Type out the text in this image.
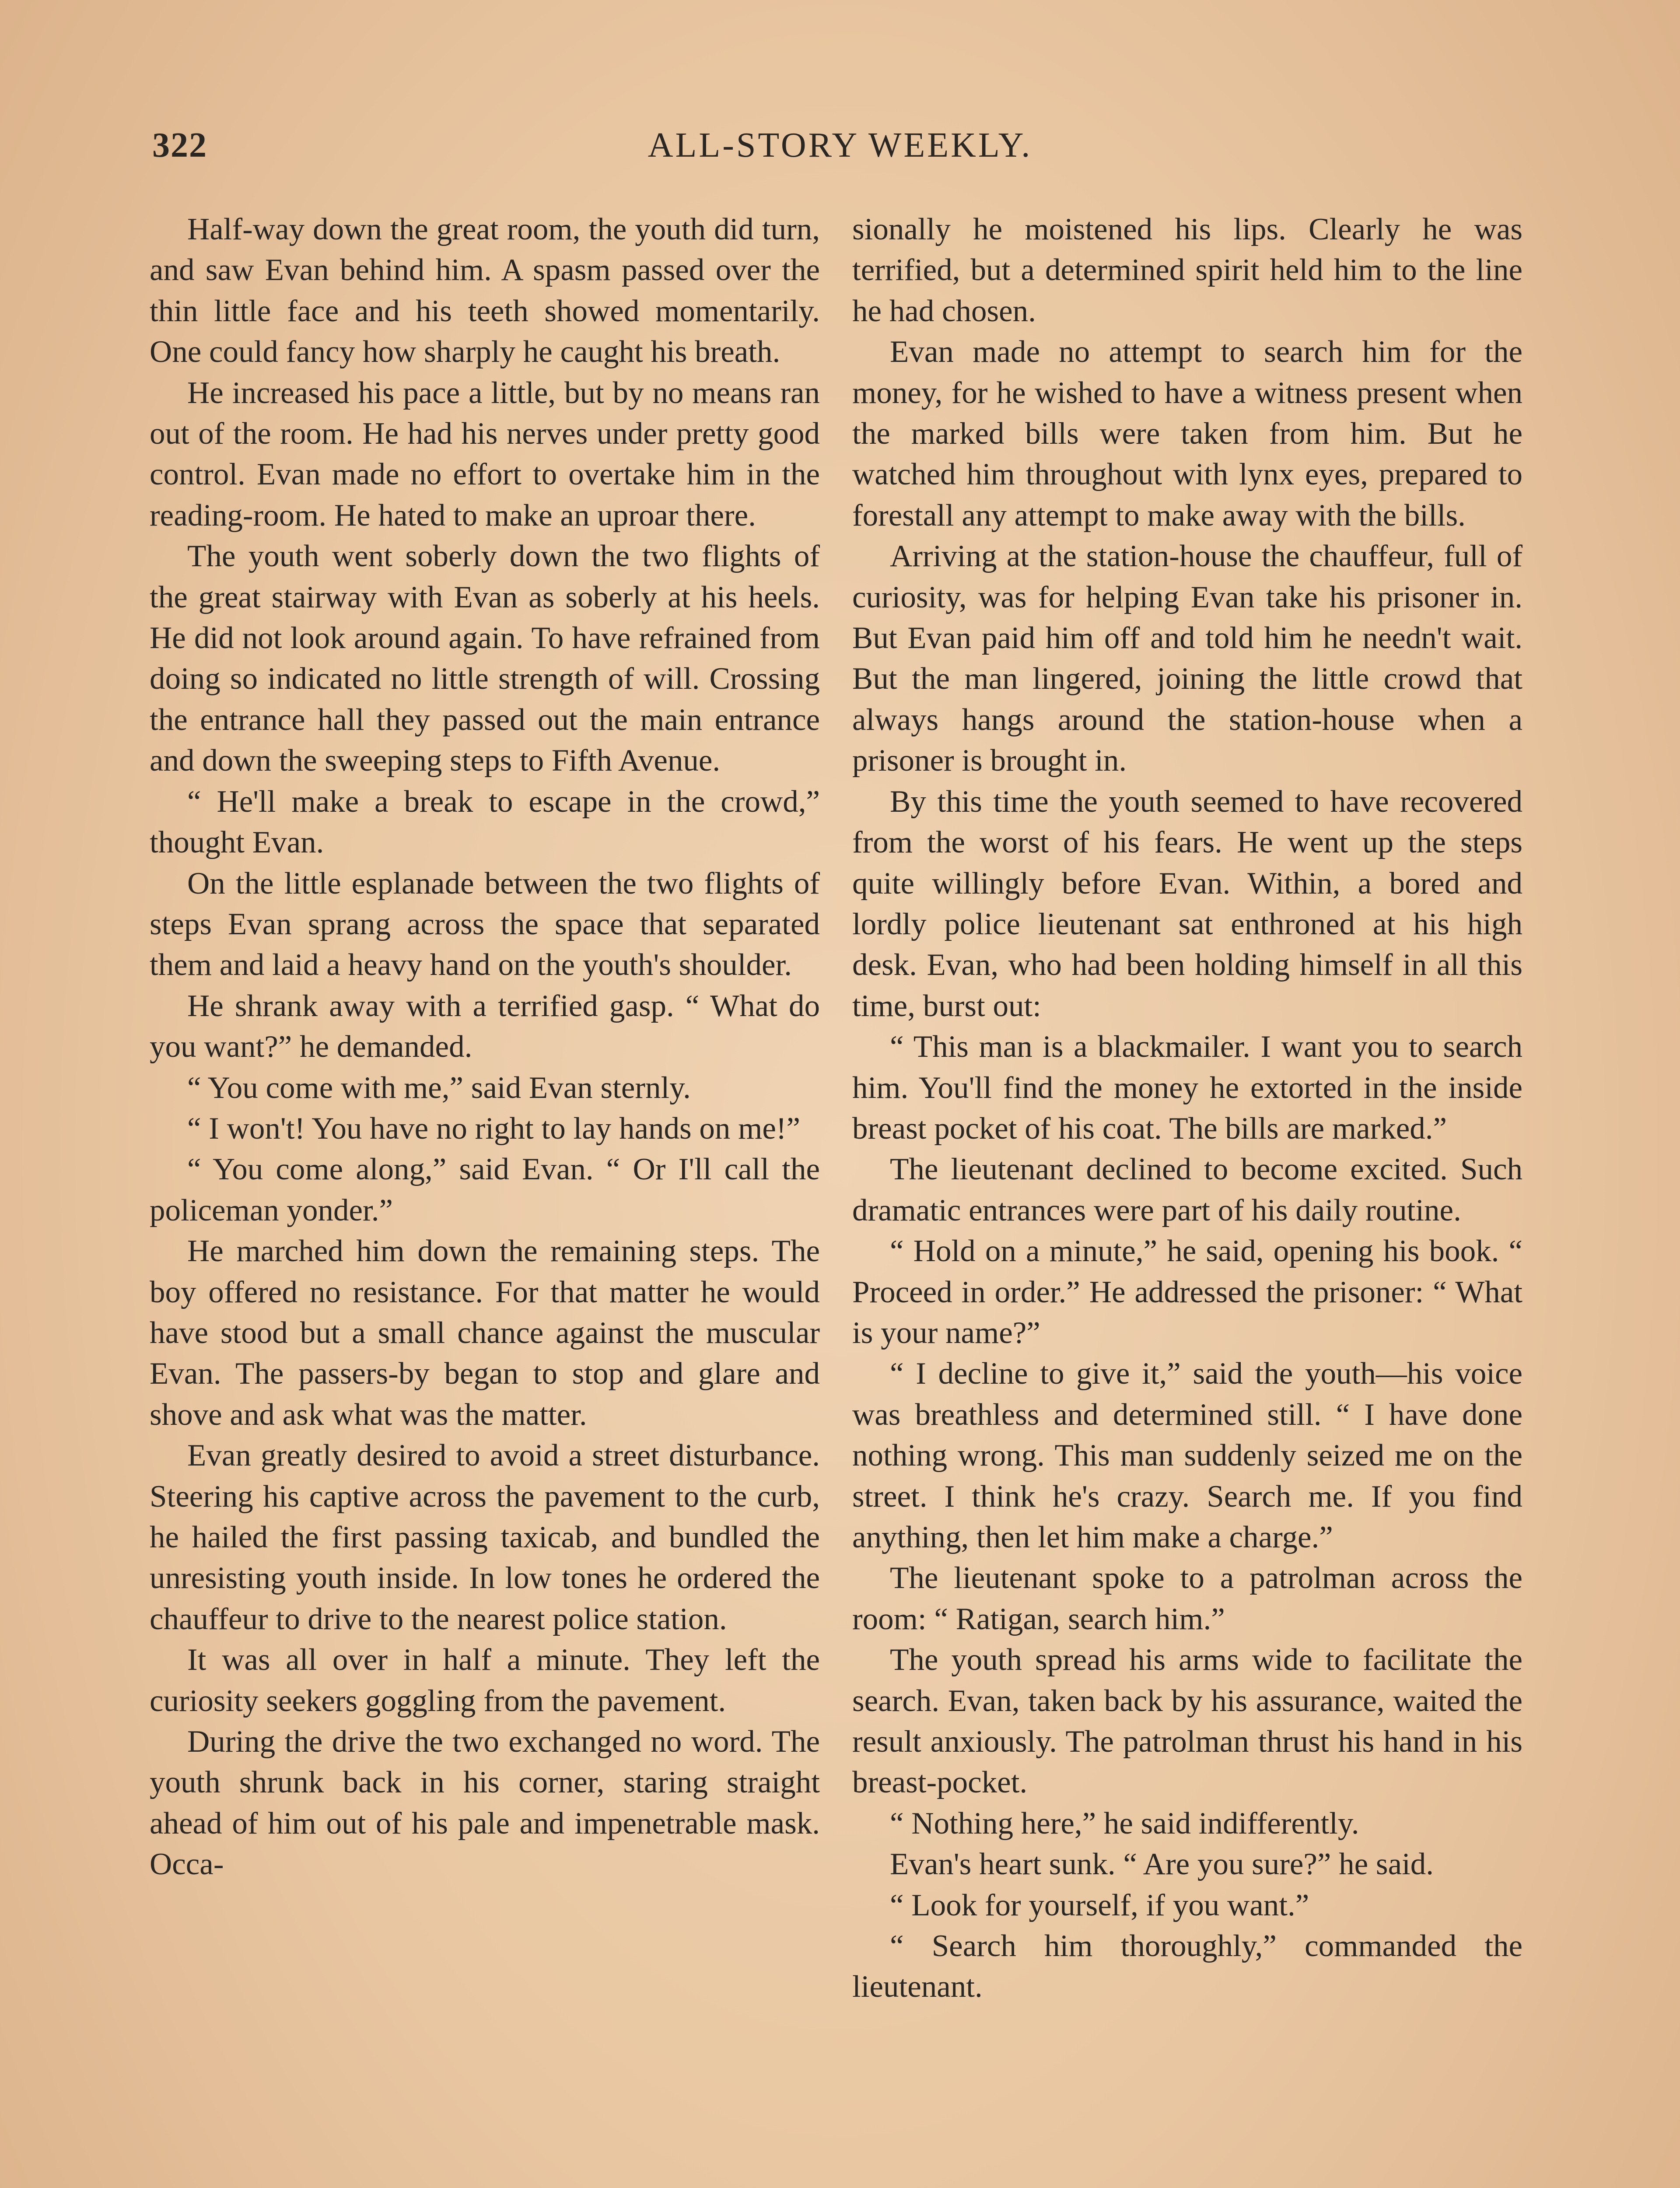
322	ALL-STORY WEEKLY.

Half-way down the great room, the youth did turn, and saw Evan behind him. A spasm passed over the thin little face and his teeth showed momentarily. One could fancy how sharply he caught his breath.

He increased his pace a little, but by no means ran out of the room. He had his nerves under pretty good control. Evan made no effort to overtake him in the reading-room. He hated to make an uproar there.

The youth went soberly down the two flights of the great stairway with Evan as soberly at his heels. He did not look around again. To have refrained from doing so indicated no little strength of will. Crossing the entrance hall they passed out the main entrance and down the sweeping steps to Fifth Avenue.

“ He'll make a break to escape in the crowd,” thought Evan.

On the little esplanade between the two flights of steps Evan sprang across the space that separated them and laid a heavy hand on the youth's shoulder.

He shrank away with a terrified gasp. “ What do you want?” he demanded.

“ You come with me,” said Evan sternly.

“ I won't! You have no right to lay hands on me!”

“ You come along,” said Evan. “ Or I'll call the policeman yonder.”

He marched him down the remaining steps. The boy offered no resistance. For that matter he would have stood but a small chance against the muscular Evan. The passers-by began to stop and glare and shove and ask what was the matter.

Evan greatly desired to avoid a street disturbance. Steering his captive across the pavement to the curb, he hailed the first passing taxicab, and bundled the unresisting youth inside. In low tones he ordered the chauffeur to drive to the nearest police station.

It was all over in half a minute. They left the curiosity seekers goggling from the pavement.

During the drive the two exchanged no word. The youth shrunk back in his corner, staring straight ahead of him out of his pale and impenetrable mask. Occa-

sionally he moistened his lips. Clearly he was terrified, but a determined spirit held him to the line he had chosen.

Evan made no attempt to search him for the money, for he wished to have a witness present when the marked bills were taken from him. But he watched him throughout with lynx eyes, prepared to forestall any attempt to make away with the bills.

Arriving at the station-house the chauffeur, full of curiosity, was for helping Evan take his prisoner in. But Evan paid him off and told him he needn't wait. But the man lingered, joining the little crowd that always hangs around the station-house when a prisoner is brought in.

By this time the youth seemed to have recovered from the worst of his fears. He went up the steps quite willingly before Evan. Within, a bored and lordly police lieutenant sat enthroned at his high desk. Evan, who had been holding himself in all this time, burst out:

“ This man is a blackmailer. I want you to search him. You'll find the money he extorted in the inside breast pocket of his coat. The bills are marked.”

The lieutenant declined to become excited. Such dramatic entrances were part of his daily routine.

“ Hold on a minute,” he said, opening his book. “ Proceed in order.” He addressed the prisoner: “ What is your name?”

“ I decline to give it,” said the youth—his voice was breathless and determined still. “ I have done nothing wrong. This man suddenly seized me on the street. I think he's crazy. Search me. If you find anything, then let him make a charge.”

The lieutenant spoke to a patrolman across the room: “ Ratigan, search him.”

The youth spread his arms wide to facilitate the search. Evan, taken back by his assurance, waited the result anxiously. The patrolman thrust his hand in his breast-pocket.

“ Nothing here,” he said indifferently.

Evan's heart sunk. “ Are you sure?” he said.

“ Look for yourself, if you want.”

“ Search him thoroughly,” commanded the lieutenant.
